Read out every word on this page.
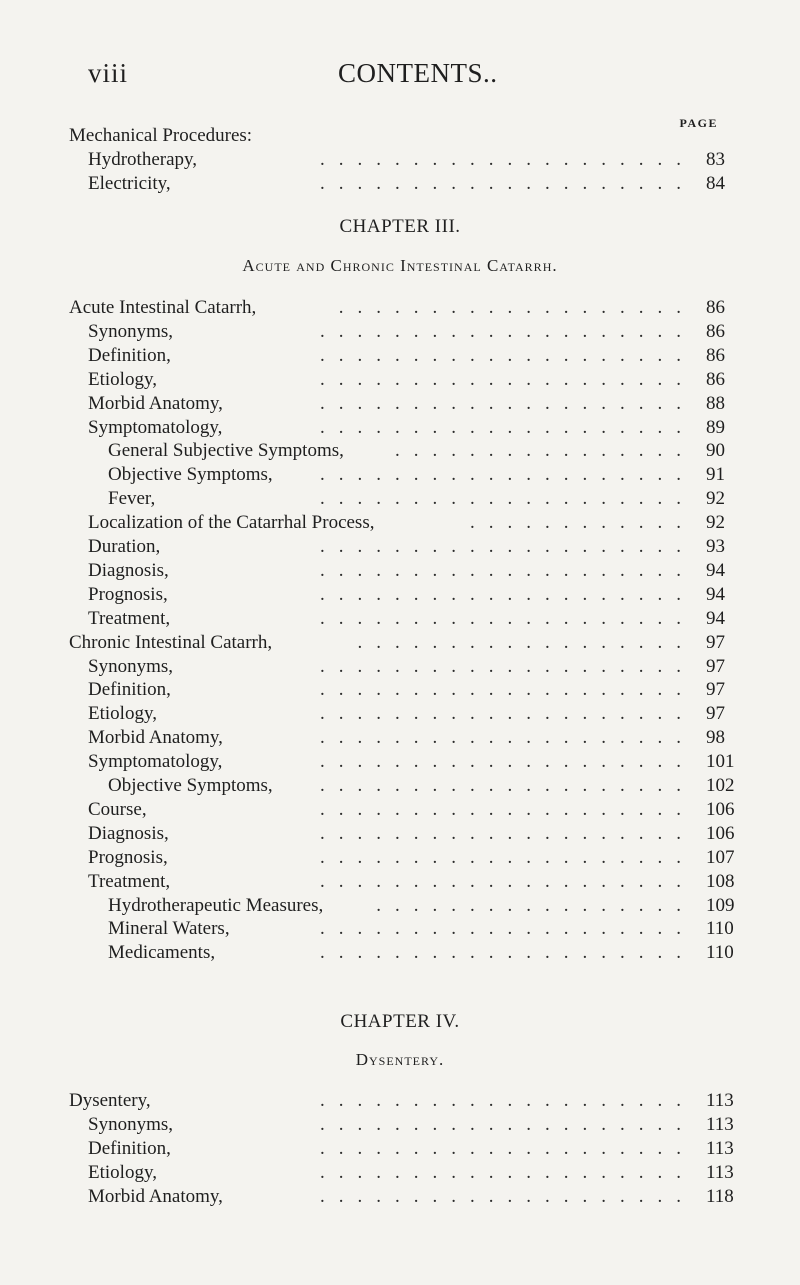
viii	CONTENTS..
PAGE
Mechanical Procedures:
Hydrotherapy,	.................... 83
Electricity,	.................... 84
CHAPTER III.
Acute and Chronic Intestinal Catarrh.
Acute Intestinal Catarrh,	................... 86
Synonyms,	.................... 86
Definition,	.................... 86
Etiology,	.................... 86
Morbid Anatomy,	.................... 88
Symptomatology,	.................... 89
General Subjective Symptoms,	................ 90
Objective Symptoms, .................... 91
Fever,	.................... 92
Localization of the Catarrhal Process,	............ 92
Duration,	.................... 93
Diagnosis,	.................... 94
Prognosis,	.................... 94
Treatment,	.................... 94
Chronic Intestinal Catarrh,	.................. 97
Synonyms,	.................... 97
Definition,	.................... 97
Etiology,	.................... 97
Morbid Anatomy,	.................... 98
Symptomatology,	.................... 101
Objective Symptoms, .................... 102
Course,	.................... 106
Diagnosis,	.................... 106
Prognosis,	.................... 107
Treatment,	.................... 108
Hydrotherapeutic Measures,	................. 109
Mineral Waters,	.................... 110
Medicaments,	.................... 110
CHAPTER IV.
Dysentery.
Dysentery,	.................... 113
Synonyms,	.................... 113
Definition,	.................... 113
Etiology,	.................... 113
Morbid Anatomy,	.................... 118
